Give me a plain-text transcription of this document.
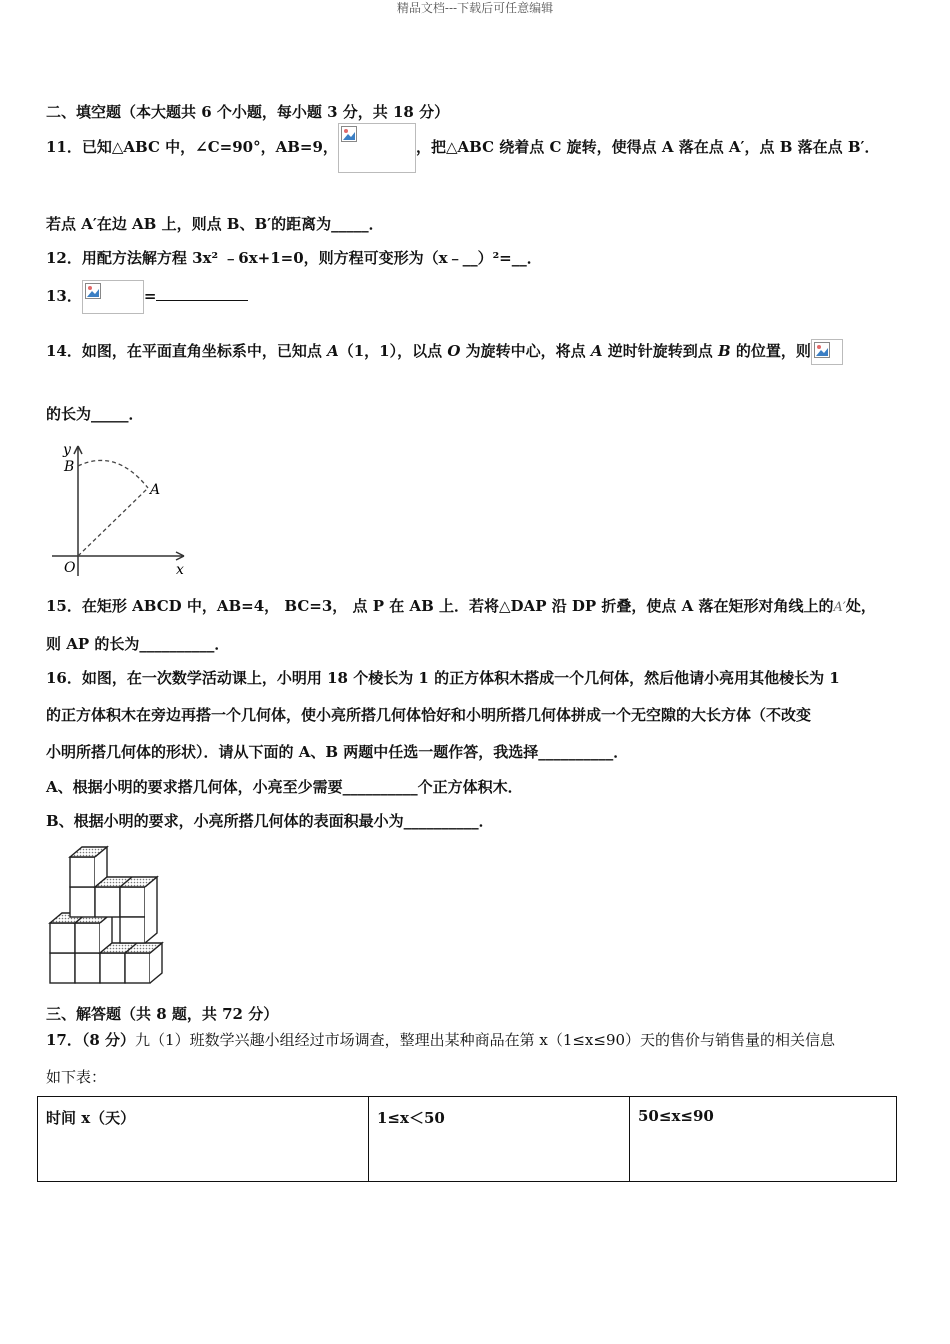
精品文档---下载后可任意编辑
二、填空题（本大题共 6 个小题，每小题 3 分，共 18 分）
11．已知△ABC 中，∠C=90°，AB=9，	，把△ABC 绕着点 C 旋转，使得点 A 落在点 A′，点 B 落在点 B′．
若点 A′在边 AB 上，则点 B、B′的距离为_____．
12．用配方法解方程 3x² ﹣6x+1=0，则方程可变形为（x﹣__）²=__．
13．	=
14．如图，在平面直角坐标系中，已知点 A（1，1），以点 O 为旋转中心，将点 A 逆时针旋转到点 B 的位置，则
的长为_____．
y
B
A
O	x
15．在矩形 ABCD 中，AB=4， BC=3， 点 P 在 AB 上．若将△DAP 沿 DP 折叠，使点 A 落在矩形对角线上的A′处，
则 AP 的长为__________．
16．如图，在一次数学活动课上，小明用 18 个棱长为 1 的正方体积木搭成一个几何体，然后他请小亮用其他棱长为 1
的正方体积木在旁边再搭一个几何体，使小亮所搭几何体恰好和小明所搭几何体拼成一个无空隙的大长方体（不改变
小明所搭几何体的形状）．请从下面的 A、B 两题中任选一题作答，我选择__________．
A、根据小明的要求搭几何体，小亮至少需要__________个正方体积木．
B、根据小明的要求，小亮所搭几何体的表面积最小为__________．
三、解答题（共 8 题，共 72 分）
17．（8 分）九（1）班数学兴趣小组经过市场调查，整理出某种商品在第 x（1≤x≤90）天的售价与销售量的相关信息
如下表：
时间 x（天）	1≤x＜50	50≤x≤90
